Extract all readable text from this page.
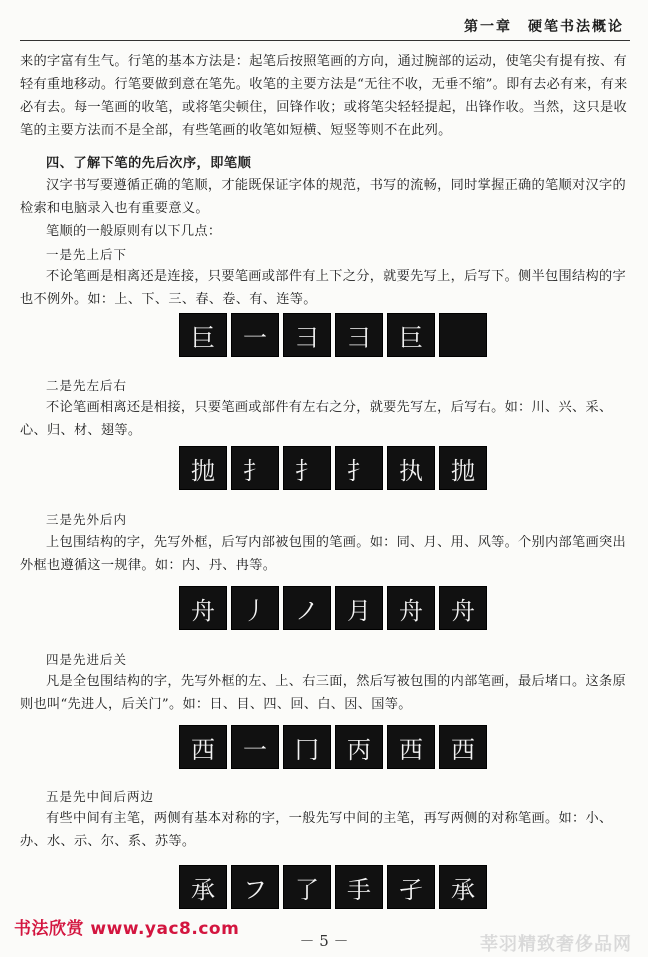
第一章　硬笔书法概论

来的字富有生气。行笔的基本方法是：起笔后按照笔画的方向，通过腕部的运动，使笔尖有提有按、有轻有重地移动。行笔要做到意在笔先。收笔的主要方法是“无往不收，无垂不缩”。即有去必有来，有来必有去。每一笔画的收笔，或将笔尖顿住，回锋作收；或将笔尖轻轻提起，出锋作收。当然，这只是收笔的主要方法而不是全部，有些笔画的收笔如短横、短竖等则不在此列。

四、了解下笔的先后次序，即笔顺

汉字书写要遵循正确的笔顺，才能既保证字体的规范，书写的流畅，同时掌握正确的笔顺对汉字的检索和电脑录入也有重要意义。

笔顺的一般原则有以下几点：

一是先上后下

不论笔画是相离还是连接，只要笔画或部件有上下之分，就要先写上，后写下。侧半包围结构的字也不例外。如：上、下、三、春、卷、有、连等。

巨	一	彐	彐	巨
二是先左后右

不论笔画相离还是相接，只要笔画或部件有左右之分，就要先写左，后写右。如：川、兴、采、心、归、材、翅等。

抛	扌	扌	扌	执	抛
三是先外后内

上包围结构的字，先写外框，后写内部被包围的笔画。如：同、月、用、风等。个别内部笔画突出外框也遵循这一规律。如：内、丹、冉等。

舟	丿	ノ	月	舟	舟
四是先进后关

凡是全包围结构的字，先写外框的左、上、右三面，然后写被包围的内部笔画，最后堵口。这条原则也叫“先进人，后关门”。如：日、目、四、回、白、因、国等。

西	一	冂	丙	西	西
五是先中间后两边

有些中间有主笔，两侧有基本对称的字，一般先写中间的主笔，再写两侧的对称笔画。如：小、办、水、示、尔、系、苏等。

承	フ	了	手	孑	承
书法欣赏 www.yac8.com
－ 5 －	莘羽精致奢侈品网
